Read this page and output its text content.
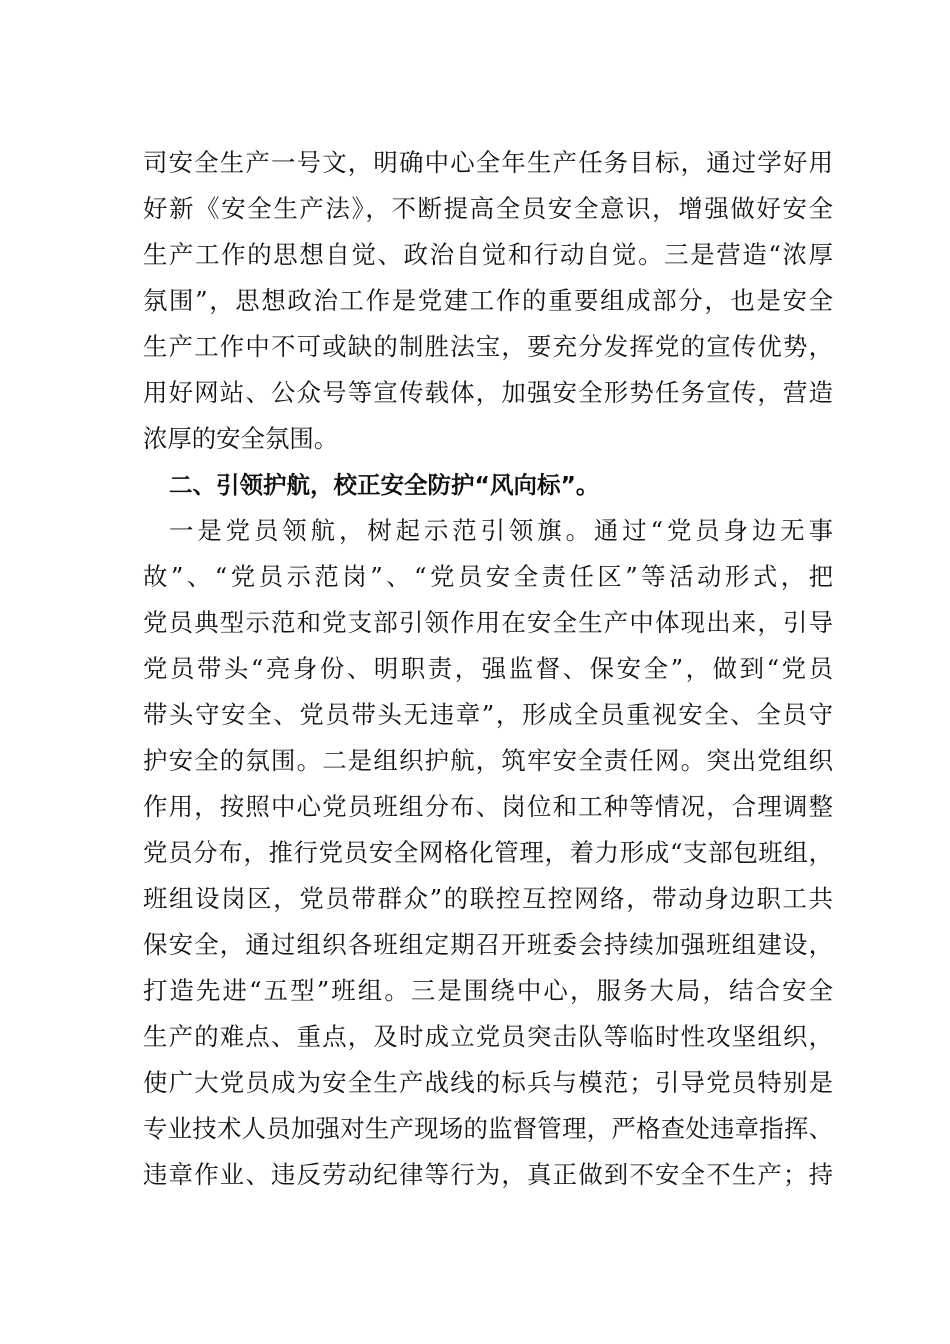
司安全生产一号文，明确中心全年生产任务目标，通过学好用
好新《安全生产法》，不断提高全员安全意识，增强做好安全
生产工作的思想自觉、政治自觉和行动自觉。三是营造“浓厚
氛围”，思想政治工作是党建工作的重要组成部分，也是安全
生产工作中不可或缺的制胜法宝，要充分发挥党的宣传优势，
用好网站、公众号等宣传载体，加强安全形势任务宣传，营造
浓厚的安全氛围。
二、引领护航，校正安全防护“风向标”。
一是党员领航，树起示范引领旗。通过“党员身边无事
故”、“党员示范岗”、“党员安全责任区”等活动形式，把
党员典型示范和党支部引领作用在安全生产中体现出来，引导
党员带头“亮身份、明职责，强监督、保安全”，做到“党员
带头守安全、党员带头无违章”，形成全员重视安全、全员守
护安全的氛围。二是组织护航，筑牢安全责任网。突出党组织
作用，按照中心党员班组分布、岗位和工种等情况，合理调整
党员分布，推行党员安全网格化管理，着力形成“支部包班组，
班组设岗区，党员带群众”的联控互控网络，带动身边职工共
保安全，通过组织各班组定期召开班委会持续加强班组建设，
打造先进“五型”班组。三是围绕中心，服务大局，结合安全
生产的难点、重点，及时成立党员突击队等临时性攻坚组织，
使广大党员成为安全生产战线的标兵与模范；引导党员特别是
专业技术人员加强对生产现场的监督管理，严格查处违章指挥、
违章作业、违反劳动纪律等行为，真正做到不安全不生产；持
